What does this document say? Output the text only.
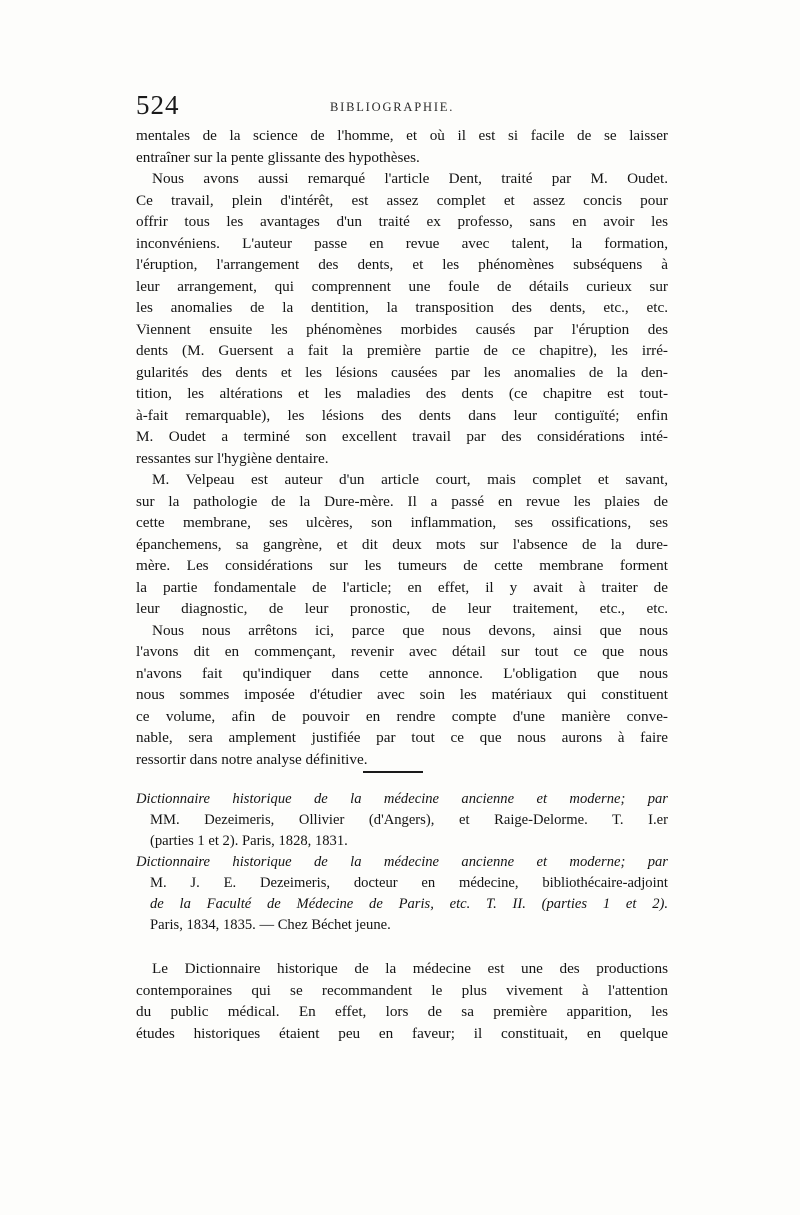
524	BIBLIOGRAPHIE.
mentales de la science de l'homme, et où il est si facile de se laisser
entraîner sur la pente glissante des hypothèses.
Nous avons aussi remarqué l'article Dent, traité par M. Oudet.
Ce travail, plein d'intérêt, est assez complet et assez concis pour
offrir tous les avantages d'un traité ex professo, sans en avoir les
inconvéniens. L'auteur passe en revue avec talent, la formation,
l'éruption, l'arrangement des dents, et les phénomènes subséquens à
leur arrangement, qui comprennent une foule de détails curieux sur
les anomalies de la dentition, la transposition des dents, etc., etc.
Viennent ensuite les phénomènes morbides causés par l'éruption des
dents (M. Guersent a fait la première partie de ce chapitre), les irré-
gularités des dents et les lésions causées par les anomalies de la den-
tition, les altérations et les maladies des dents (ce chapitre est tout-
à-fait remarquable), les lésions des dents dans leur contiguïté; enfin
M. Oudet a terminé son excellent travail par des considérations inté-
ressantes sur l'hygiène dentaire.
M. Velpeau est auteur d'un article court, mais complet et savant,
sur la pathologie de la Dure-mère. Il a passé en revue les plaies de
cette membrane, ses ulcères, son inflammation, ses ossifications, ses
épanchemens, sa gangrène, et dit deux mots sur l'absence de la dure-
mère. Les considérations sur les tumeurs de cette membrane forment
la partie fondamentale de l'article; en effet, il y avait à traiter de
leur diagnostic, de leur pronostic, de leur traitement, etc., etc.
Nous nous arrêtons ici, parce que nous devons, ainsi que nous
l'avons dit en commençant, revenir avec détail sur tout ce que nous
n'avons fait qu'indiquer dans cette annonce. L'obligation que nous
nous sommes imposée d'étudier avec soin les matériaux qui constituent
ce volume, afin de pouvoir en rendre compte d'une manière conve-
nable, sera amplement justifiée par tout ce que nous aurons à faire
ressortir dans notre analyse définitive.
Dictionnaire historique de la médecine ancienne et moderne; par
MM. Dezeimeris, Ollivier (d'Angers), et Raige-Delorme. T. I.er
(parties 1 et 2). Paris, 1828, 1831.
Dictionnaire historique de la médecine ancienne et moderne; par
M. J. E. Dezeimeris, docteur en médecine, bibliothécaire-adjoint
de la Faculté de Médecine de Paris, etc. T. II. (parties 1 et 2).
Paris, 1834, 1835. — Chez Béchet jeune.
Le Dictionnaire historique de la médecine est une des productions
contemporaines qui se recommandent le plus vivement à l'attention
du public médical. En effet, lors de sa première apparition, les
études historiques étaient peu en faveur; il constituait, en quelque
